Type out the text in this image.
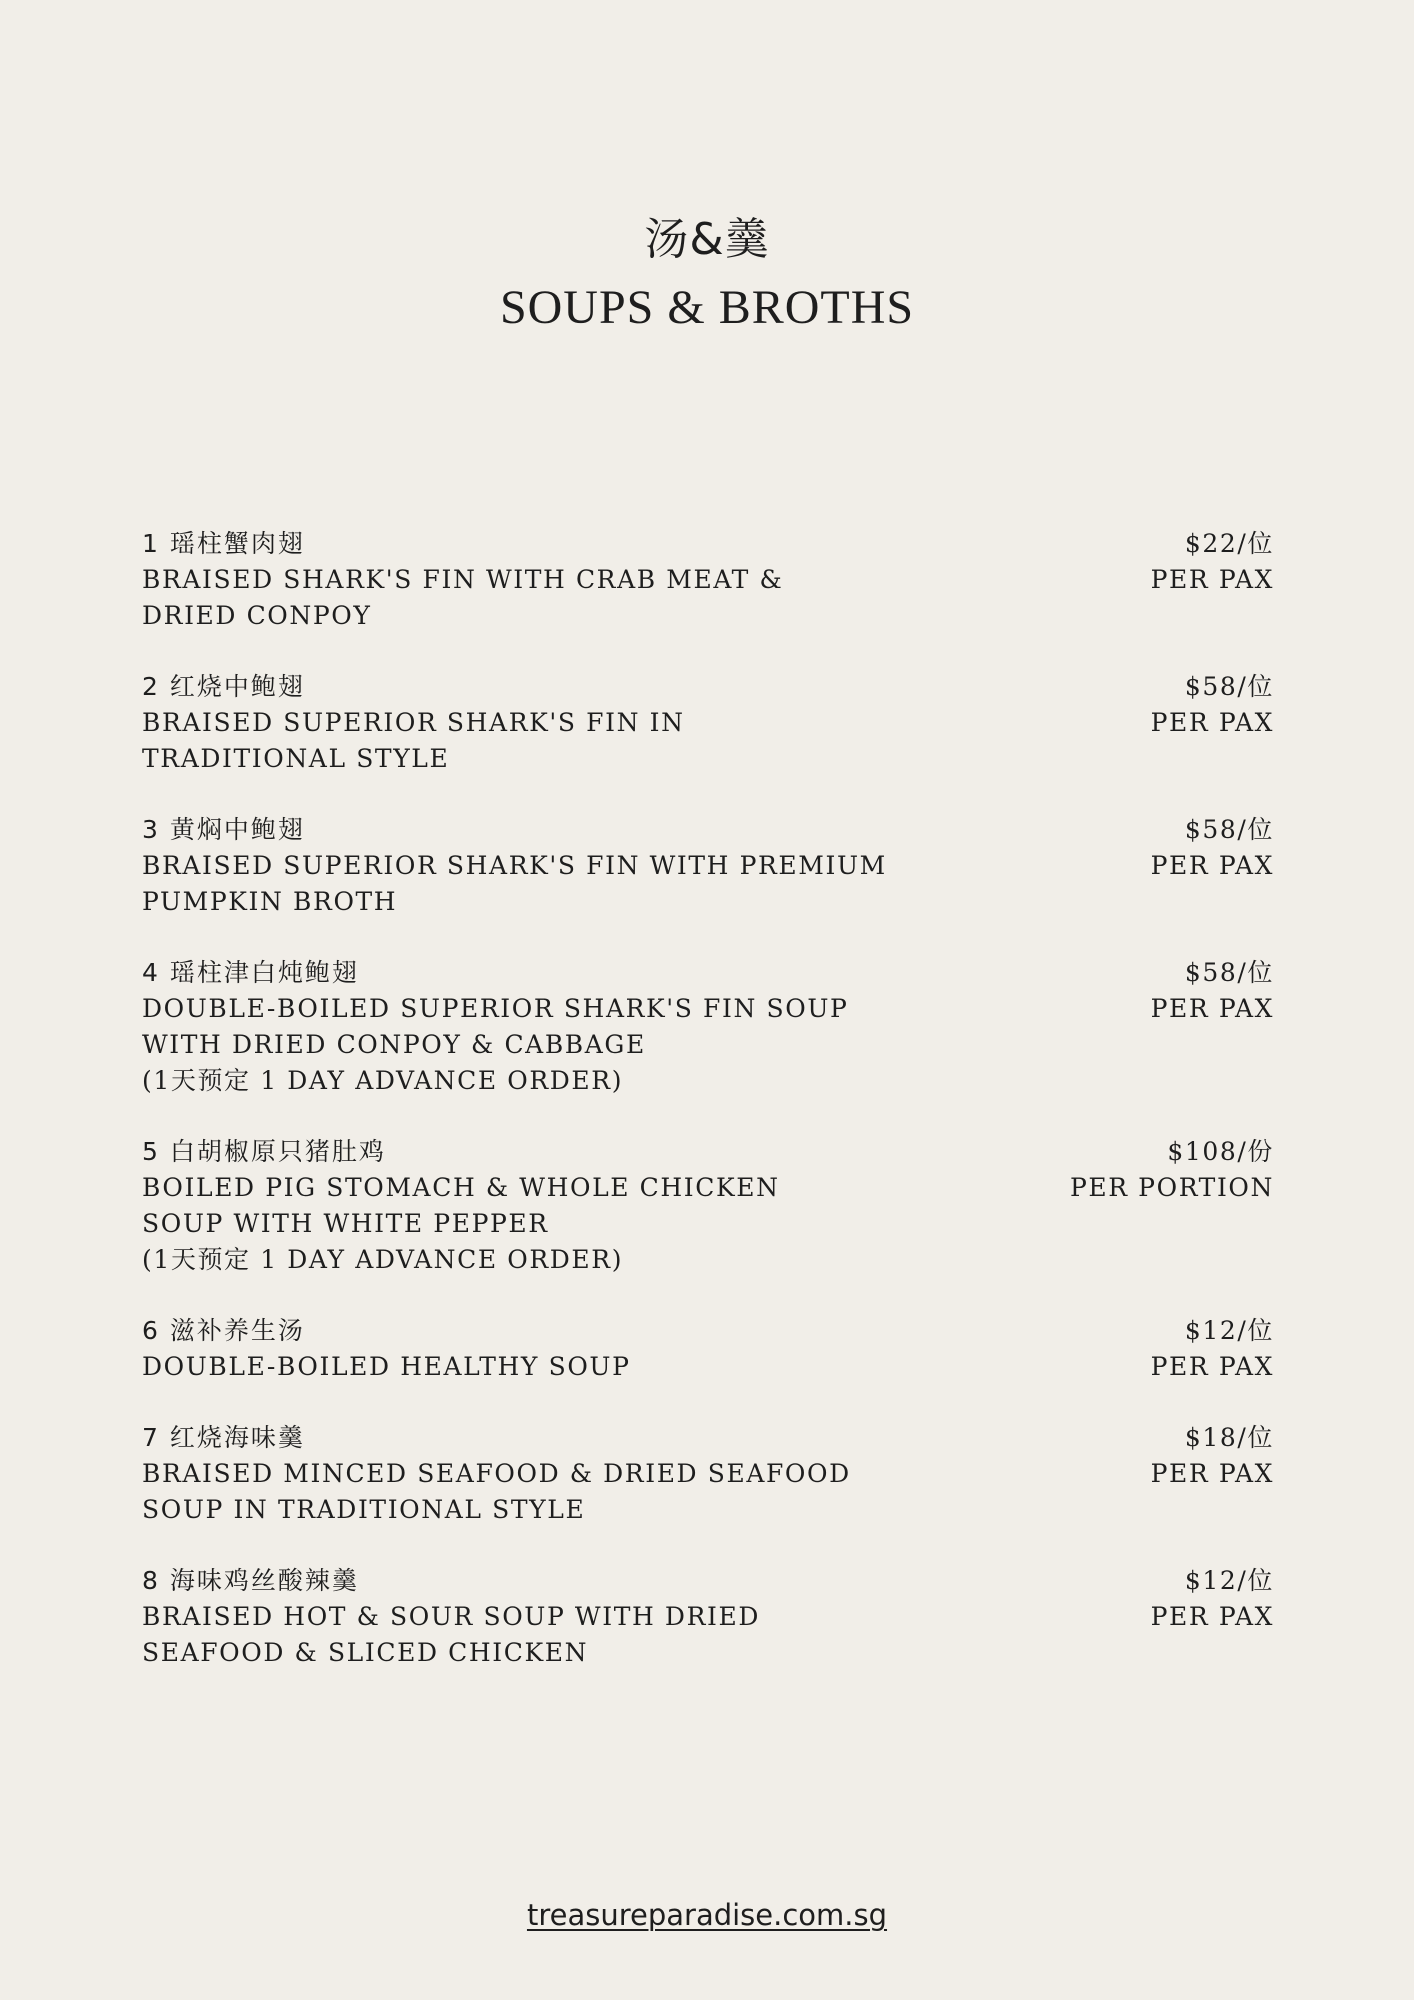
汤&羹
SOUPS & BROTHS
1 瑶柱蟹肉翅
BRAISED SHARK'S FIN WITH CRAB MEAT &
DRIED CONPOY
$22/位
PER PAX
2 红烧中鲍翅
BRAISED SUPERIOR SHARK'S FIN IN
TRADITIONAL STYLE
$58/位
PER PAX
3 黄焖中鲍翅
BRAISED SUPERIOR SHARK'S FIN WITH PREMIUM
PUMPKIN BROTH
$58/位
PER PAX
4 瑶柱津白炖鲍翅
DOUBLE-BOILED SUPERIOR SHARK'S FIN SOUP
WITH DRIED CONPOY & CABBAGE
(1天预定 1 DAY ADVANCE ORDER)
$58/位
PER PAX
5 白胡椒原只猪肚鸡
BOILED PIG STOMACH & WHOLE CHICKEN
SOUP WITH WHITE PEPPER
(1天预定 1 DAY ADVANCE ORDER)
$108/份
PER PORTION
6 滋补养生汤
DOUBLE-BOILED HEALTHY SOUP
$12/位
PER PAX
7 红烧海味羹
BRAISED MINCED SEAFOOD & DRIED SEAFOOD
SOUP IN TRADITIONAL STYLE
$18/位
PER PAX
8 海味鸡丝酸辣羹
BRAISED HOT & SOUR SOUP WITH DRIED
SEAFOOD & SLICED CHICKEN
$12/位
PER PAX
treasureparadise.com.sg
